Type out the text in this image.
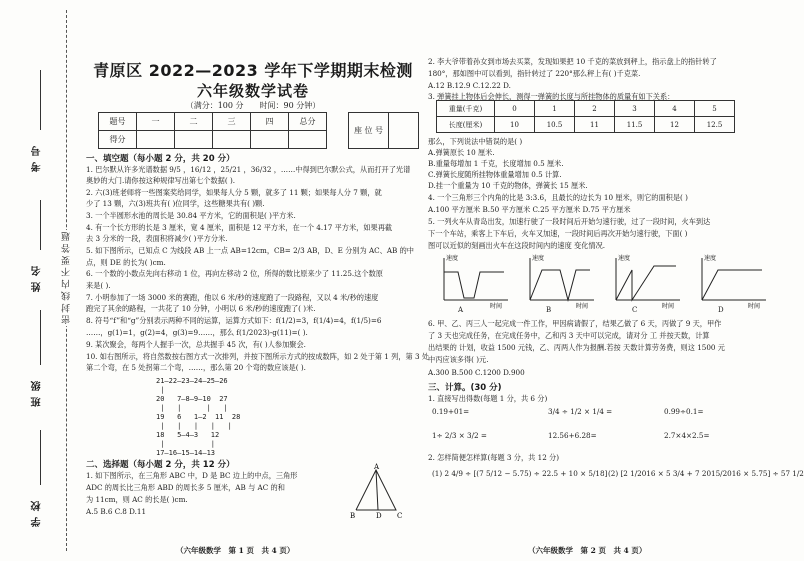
考号
姓名
班级
学校
密 封 线 内 不 要 答 题
青原区 2022—2023 学年下学期期末检测
六年级数学试卷
（满分：100 分　　时间：90 分钟）
题号	一	二	三	四	总分
得分					
座 位 号	
一、填空题（每小题 2 分，共 20 分）
1. 巴尔默从许多光谱数据 9/5 ，16/12 ，25/21 ，36/32 ，……中得到巴尔默公式，从而打开了光谱
奥妙的大门.请你按这种规律写出第七个数据( ).
2. 六(3)班老师将一些图案奖给同学，如果每人分 5 颗，就多了 11 颗；如果每人分 7 颗，就
少了 13 颗，六(3)班共有( )位同学，这些糖果共有( )颗.
3. 一个半圆形水池的周长是 30.84 平方米，它的面积是( )平方米.
4. 有一个长方形的长是 3 厘米，宽 4 厘米，面积是 12 平方米，在一个 4.17 平方米，如果再截
去 3 分米的一段，表面积将减少( )平方分米.
5. 如下图所示，已知点 C 为线段 AB 上一点 AB=12cm，CB= 2/3 AB，D、E 分别为 AC、AB 的中
点，则 DE 的长为( )cm.
6. 一个数的小数点先向右移动 1 位，再向左移动 2 位，所得的数比原来少了 11.25.这个数原
来是( ).
7. 小明参加了一场 3000 米的赛跑，他以 6 米/秒的速度跑了一段路程，又以 4 米/秒的速度
跑完了其余的路程，一共花了 10 分钟，小明以 6 米/秒的速度跑了( )米.
8. 符号“f”和“g”分别表示两种不同的运算，运算方式如下：f(1/2)=3，f(1/4)=4，f(1/5)=6
……，g(1)=1，g(2)=4，g(3)=9……，那么 f(1/2023)-g(11)=( ).
9. 某次聚会，每两个人握手一次，总共握手 45 次，有( )人参加聚会.
10. 如右图所示，将自然数按右图方式一次排列，并按下图所示方式的按成数阵，如 2 处于第 1 列，第 3 处
第二个弯，在 5 处拐第二个弯，……，那么第 20 个弯的数应该是( ).
21—22—23—24—25—26
|
20   7—8—9—10  27
|   |      |   |
19   6   1—2  11  28
|   |   |   |   |
18   5—4—3   12
|           |
17—16—15—14—13
二、选择题（每小题 2 分，共 12 分）
1. 如下图所示，在三角形 ABC 中，D 是 BC 边上的中点，三角形
ADC 的周长比三角形 ABD 的周长多 5 厘米，AB 与 AC 的和
为 11cm，则 AC 的长是( )cm.
A.5 B.6 C.8 D.11
A
B	C
D
（六年级数学　第 1 页　共 4 页）
2. 李大爷带着孙女到市场去买菜，发现如果把 10 千克的菜放到秤上，指示盘上的指针转了
180°，那如图中可以看到，指针转过了 220°那么秤上有( )千克菜.
A.12 B.12.9 C.12.22 D.
3. 弹簧挂上物体后会伸长，测得一弹簧的长度与所挂物体的质量有如下关系：
重量(千克)	0	1	2	3	4	5
长度(厘米)	10	10.5	11	11.5	12	12.5
那么，下列说法中错误的是( )
A.弹簧原长 10 厘米.
B.重量每增加 1 千克，长度增加 0.5 厘米.
C.弹簧长度随所挂物体重量增加 0.5 计算.
D.挂一个重量为 10 千克的物体，弹簧长 15 厘米.
4. 一个三角形三个内角的比是 3:3.6，且最长的边长为 10 厘米，则它的面积是( )
A.100 平方厘米 B.50 平方厘米 C.25 平方厘米 D.75 平方厘米
5. 一列火车从青岛出发，加速行驶了一段时间后开始匀速行驶，过了一段时间，火车到达
下一个车站，乘客上下车后，火车又加速，一段时间后再次开始匀速行驶，下面( )
图可以近似的刻画出火车在这段时间内的速度 变化情况.
速度
时间
A
速度
时间
B
速度
时间
C
速度
时间
D
6. 甲、乙、丙三人一起完成一件工作，甲因病请假了，结果乙做了 6 天，丙做了 9 天，甲作
了 3 天也完成任务，在完成任务中，乙和丙 3 天中可以完成，请对分 工 并按天数，计算
出结果的 计划，收益 1500 元钱，乙、丙两人作为报酬.若按 天数计算劳务费，则这 1500 元
中丙应该多得( )元.
A.300 B.500 C.1200 D.900
三、计算。(30 分)
1. 直接写出得数(每题 1 分，共 6 分)
0.19+01=	3/4 ÷ 1/2 × 1/4 =	0.99÷0.1=
1÷ 2/3 × 3/2 =	12.56+6.28=	2.7×4×2.5=
2. 怎样简便怎样算(每题 3 分，共 12 分)
(1) 2 4/9 ÷ [(7 5/12 − 5.75) ÷ 22.5 + 10 × 5/18] (2) [2 1/2016 × 5 3/4 + 7 2015/2016 × 5.75] ÷ 57 1/2
（六年级数学　第 2 页　共 4 页）
